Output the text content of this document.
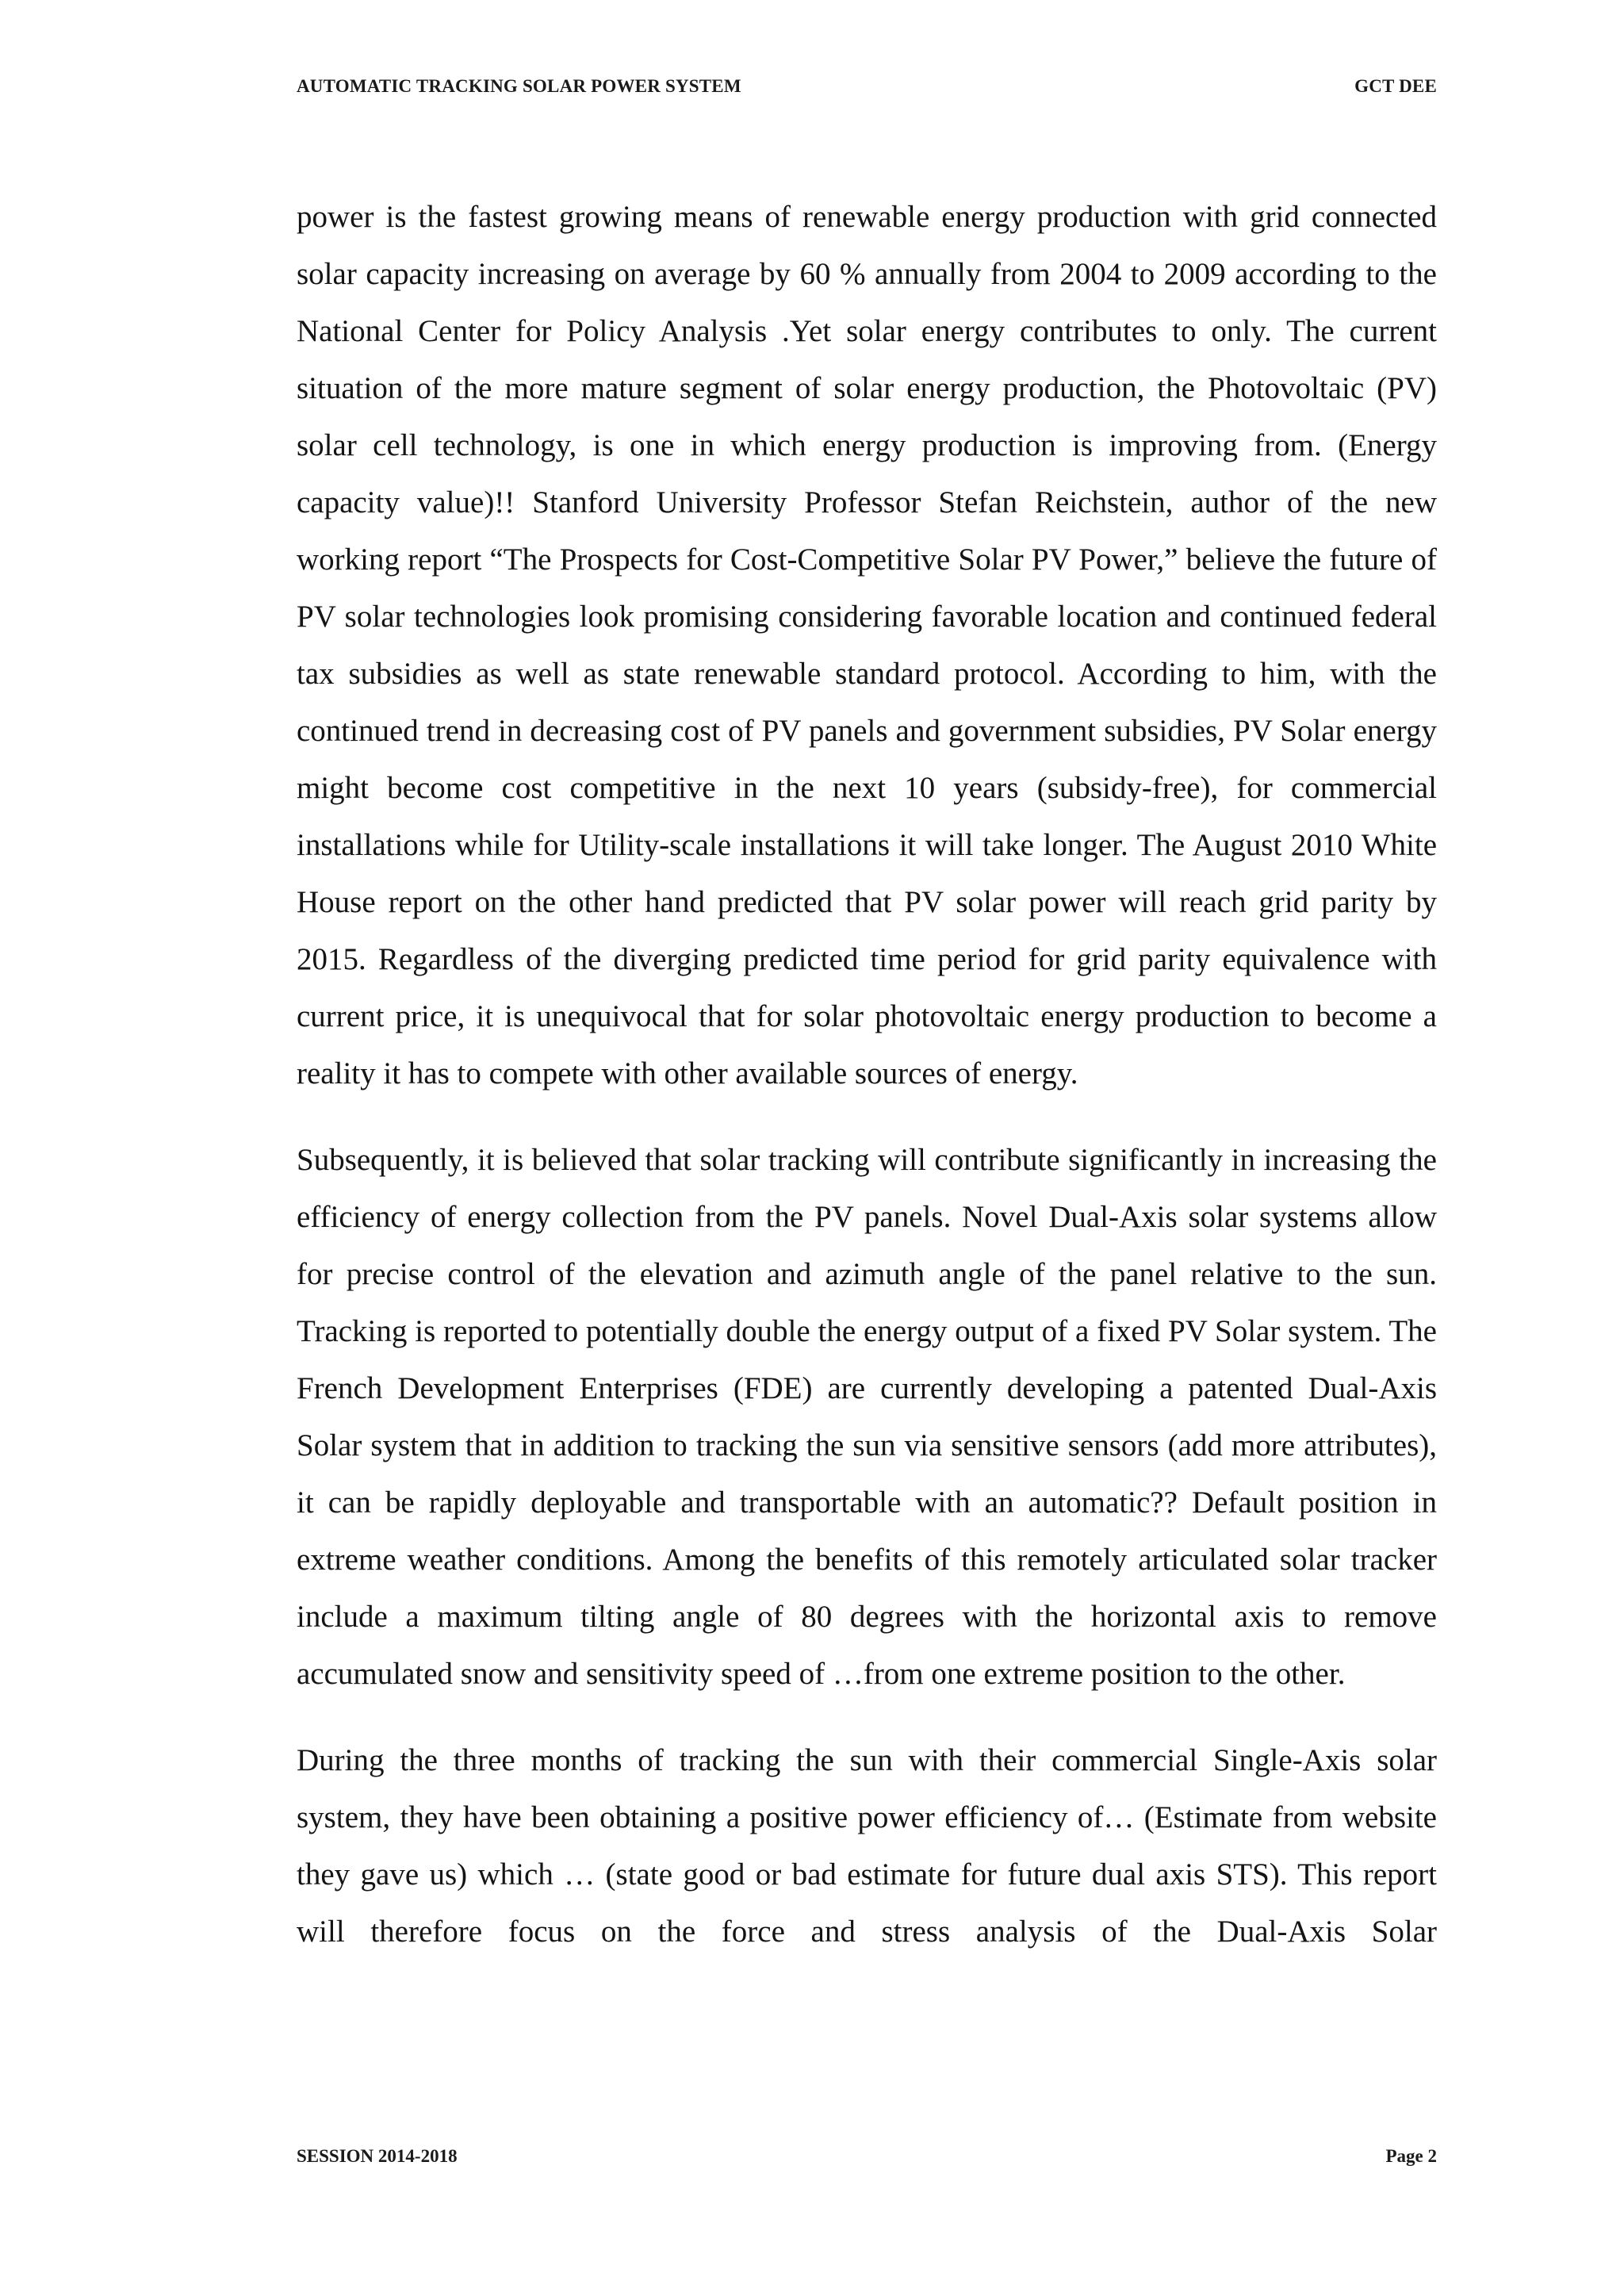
AUTOMATIC TRACKING SOLAR POWER SYSTEM	GCT DEE

power is the fastest growing means of renewable energy production with grid connected solar capacity increasing on average by 60 % annually from 2004 to 2009 according to the National Center for Policy Analysis .Yet solar energy contributes to only. The current situation of the more mature segment of solar energy production, the Photovoltaic (PV) solar cell technology, is one in which energy production is improving from. (Energy capacity value)!! Stanford University Professor Stefan Reichstein, author of the new working report “The Prospects for Cost-Competitive Solar PV Power,” believe the future of PV solar technologies look promising considering favorable location and continued federal tax subsidies as well as state renewable standard protocol. According to him, with the continued trend in decreasing cost of PV panels and government subsidies, PV Solar energy might become cost competitive in the next 10 years (subsidy-free), for commercial installations while for Utility-scale installations it will take longer. The August 2010 White House report on the other hand predicted that PV solar power will reach grid parity by 2015. Regardless of the diverging predicted time period for grid parity equivalence with current price, it is unequivocal that for solar photovoltaic energy production to become a reality it has to compete with other available sources of energy.

Subsequently, it is believed that solar tracking will contribute significantly in increasing the efficiency of energy collection from the PV panels. Novel Dual-Axis solar systems allow for precise control of the elevation and azimuth angle of the panel relative to the sun. Tracking is reported to potentially double the energy output of a fixed PV Solar system. The French Development Enterprises (FDE) are currently developing a patented Dual-Axis Solar system that in addition to tracking the sun via sensitive sensors (add more attributes), it can be rapidly deployable and transportable with an automatic?? Default position in extreme weather conditions. Among the benefits of this remotely articulated solar tracker include a maximum tilting angle of 80 degrees with the horizontal axis to remove accumulated snow and sensitivity speed of …from one extreme position to the other.

During the three months of tracking the sun with their commercial Single-Axis solar system, they have been obtaining a positive power efficiency of… (Estimate from website they gave us) which … (state good or bad estimate for future dual axis STS). This report will therefore focus on the force and stress analysis of the Dual-Axis Solar

SESSION 2014-2018	Page 2
